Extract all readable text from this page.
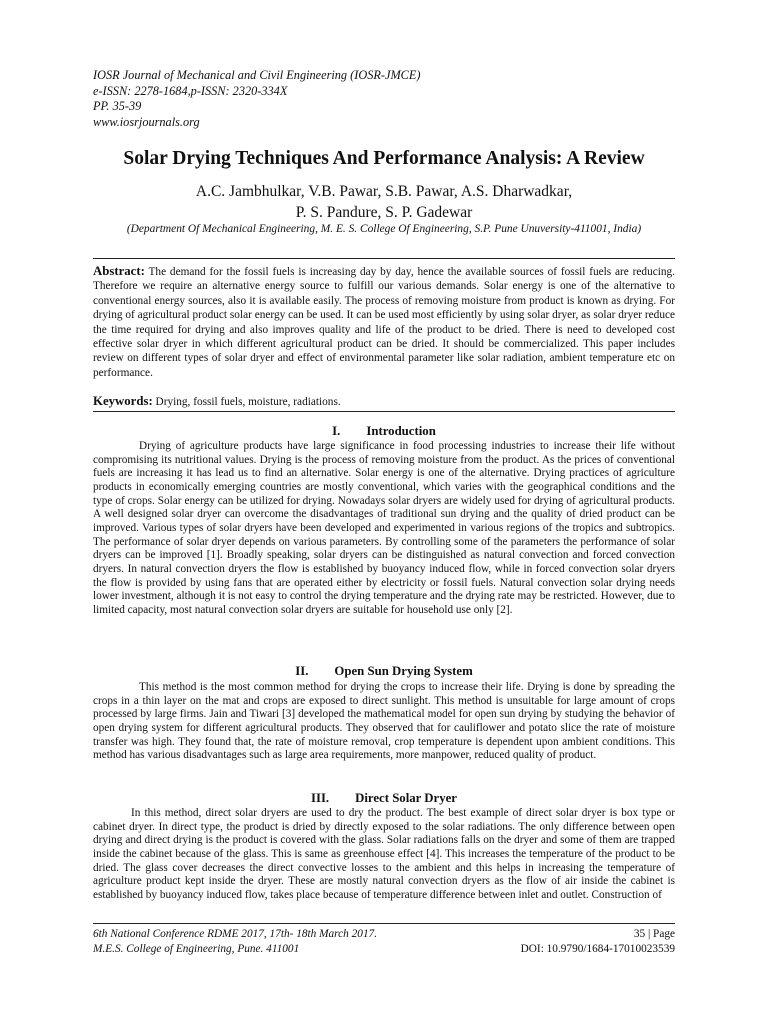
IOSR Journal of Mechanical and Civil Engineering (IOSR-JMCE)
e-ISSN: 2278-1684,p-ISSN: 2320-334X
PP. 35-39
www.iosrjournals.org
Solar Drying Techniques And Performance Analysis: A Review
A.C. Jambhulkar, V.B. Pawar, S.B. Pawar, A.S. Dharwadkar,
P. S. Pandure, S. P. Gadewar
(Department Of Mechanical Engineering, M. E. S. College Of Engineering, S.P. Pune Unuversity-411001, India)
Abstract: The demand for the fossil fuels is increasing day by day, hence the available sources of fossil fuels are reducing. Therefore we require an alternative energy source to fulfill our various demands. Solar energy is one of the alternative to conventional energy sources, also it is available easily. The process of removing moisture from product is known as drying. For drying of agricultural product solar energy can be used. It can be used most efficiently by using solar dryer, as solar dryer reduce the time required for drying and also improves quality and life of the product to be dried. There is need to developed cost effective solar dryer in which different agricultural product can be dried. It should be commercialized. This paper includes review on different types of solar dryer and effect of environmental parameter like solar radiation, ambient temperature etc on performance.
Keywords: Drying, fossil fuels, moisture, radiations.
I. Introduction
Drying of agriculture products have large significance in food processing industries to increase their life without compromising its nutritional values. Drying is the process of removing moisture from the product. As the prices of conventional fuels are increasing it has lead us to find an alternative. Solar energy is one of the alternative. Drying practices of agriculture products in economically emerging countries are mostly conventional, which varies with the geographical conditions and the type of crops. Solar energy can be utilized for drying. Nowadays solar dryers are widely used for drying of agricultural products. A well designed solar dryer can overcome the disadvantages of traditional sun drying and the quality of dried product can be improved. Various types of solar dryers have been developed and experimented in various regions of the tropics and subtropics. The performance of solar dryer depends on various parameters. By controlling some of the parameters the performance of solar dryers can be improved [1]. Broadly speaking, solar dryers can be distinguished as natural convection and forced convection dryers. In natural convection dryers the flow is established by buoyancy induced flow, while in forced convection solar dryers the flow is provided by using fans that are operated either by electricity or fossil fuels. Natural convection solar drying needs lower investment, although it is not easy to control the drying temperature and the drying rate may be restricted. However, due to limited capacity, most natural convection solar dryers are suitable for household use only [2].
II. Open Sun Drying System
This method is the most common method for drying the crops to increase their life. Drying is done by spreading the crops in a thin layer on the mat and crops are exposed to direct sunlight. This method is unsuitable for large amount of crops processed by large firms. Jain and Tiwari [3] developed the mathematical model for open sun drying by studying the behavior of open drying system for different agricultural products. They observed that for cauliflower and potato slice the rate of moisture transfer was high. They found that, the rate of moisture removal, crop temperature is dependent upon ambient conditions. This method has various disadvantages such as large area requirements, more manpower, reduced quality of product.
III. Direct Solar Dryer
In this method, direct solar dryers are used to dry the product. The best example of direct solar dryer is box type or cabinet dryer. In direct type, the product is dried by directly exposed to the solar radiations. The only difference between open drying and direct drying is the product is covered with the glass. Solar radiations falls on the dryer and some of them are trapped inside the cabinet because of the glass. This is same as greenhouse effect [4]. This increases the temperature of the product to be dried. The glass cover decreases the direct convective losses to the ambient and this helps in increasing the temperature of agriculture product kept inside the dryer. These are mostly natural convection dryers as the flow of air inside the cabinet is established by buoyancy induced flow, takes place because of temperature difference between inlet and outlet. Construction of
6th National Conference RDME 2017, 17th- 18th March 2017.	35 | Page
M.E.S. College of Engineering, Pune. 411001	DOI: 10.9790/1684-17010023539
